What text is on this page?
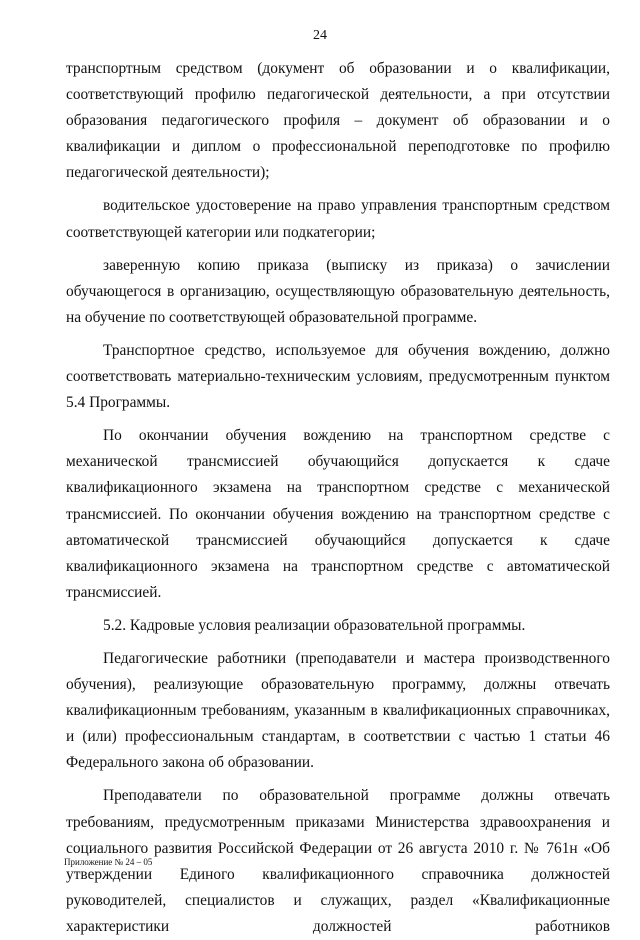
24

транспортным средством (документ об образовании и о квалификации, соответствующий профилю педагогической деятельности, а при отсутствии образования педагогического профиля – документ об образовании и о квалификации и диплом о профессиональной переподготовке по профилю педагогической деятельности);

водительское удостоверение на право управления транспортным средством соответствующей категории или подкатегории;

заверенную копию приказа (выписку из приказа) о зачислении обучающегося в организацию, осуществляющую образовательную деятельность, на обучение по соответствующей образовательной программе.

Транспортное средство, используемое для обучения вождению, должно соответствовать материально-техническим условиям, предусмотренным пунктом 5.4 Программы.

По окончании обучения вождению на транспортном средстве с механической трансмиссией обучающийся допускается к сдаче квалификационного экзамена на транспортном средстве с механической трансмиссией. По окончании обучения вождению на транспортном средстве с автоматической трансмиссией обучающийся допускается к сдаче квалификационного экзамена на транспортном средстве с автоматической трансмиссией.

5.2. Кадровые условия реализации образовательной программы.

Педагогические работники (преподаватели и мастера производственного обучения), реализующие образовательную программу, должны отвечать квалификационным требованиям, указанным в квалификационных справочниках, и (или) профессиональным стандартам, в соответствии с частью 1 статьи 46 Федерального закона об образовании.

Преподаватели по образовательной программе должны отвечать требованиям, предусмотренным приказами Министерства здравоохранения и социального развития Российской Федерации от 26 августа 2010 г. № 761н «Об утверждении Единого квалификационного справочника должностей руководителей, специалистов и служащих, раздел «Квалификационные характеристики должностей работников

Приложение № 24 – 05
